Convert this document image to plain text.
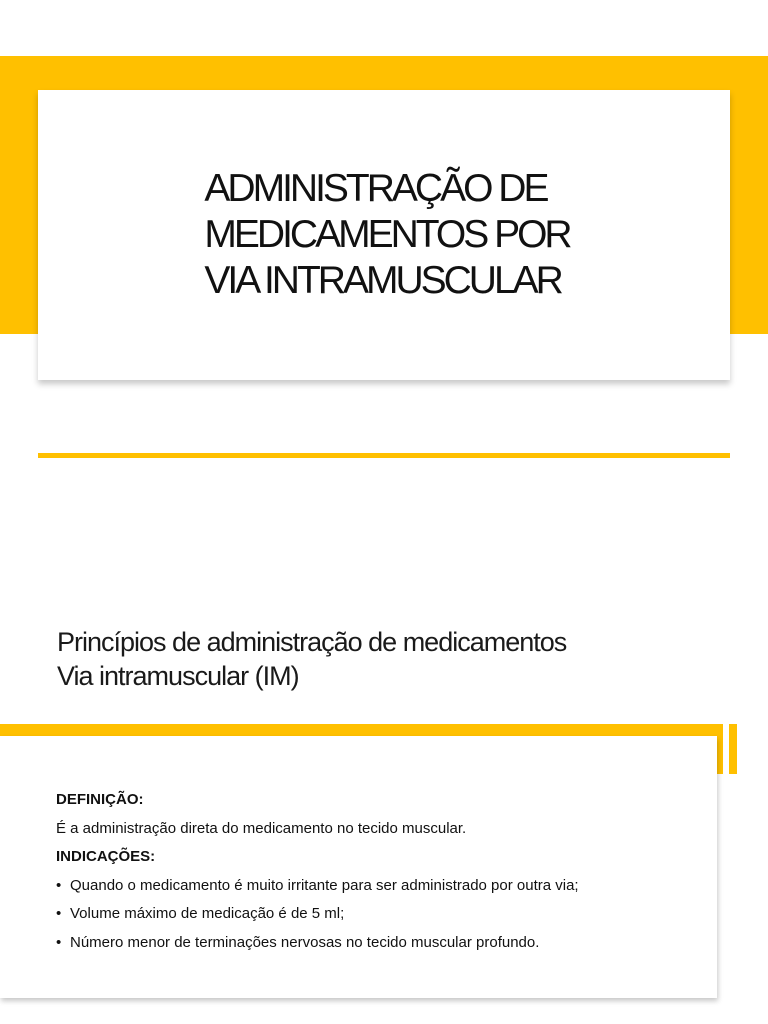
ADMINISTRAÇÃO DE
MEDICAMENTOS POR
VIA INTRAMUSCULAR
Princípios de administração de medicamentos
Via intramuscular (IM)
DEFINIÇÃO:
É a administração direta do medicamento no tecido muscular.
INDICAÇÕES:
• Quando o medicamento é muito irritante para ser administrado por outra via;
• Volume máximo de medicação é de 5 ml;
• Número menor de terminações nervosas no tecido muscular profundo.
